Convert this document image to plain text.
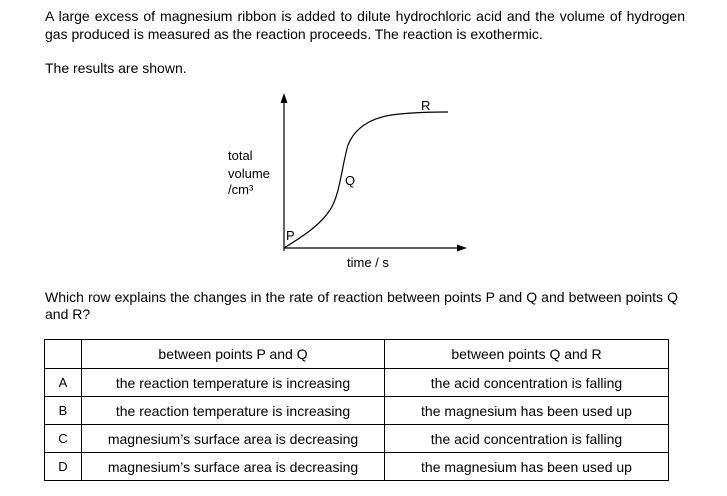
A large excess of magnesium ribbon is added to dilute hydrochloric acid and the volume of hydrogen gas produced is measured as the reaction proceeds. The reaction is exothermic.

The results are shown.

total
volume
/cm³
time / s
P
Q
R

Which row explains the changes in the rate of reaction between points P and Q and between points Q and R?

	between points P and Q	between points Q and R
A	the reaction temperature is increasing	the acid concentration is falling
B	the reaction temperature is increasing	the magnesium has been used up
C	magnesium’s surface area is decreasing	the acid concentration is falling
D	magnesium’s surface area is decreasing	the magnesium has been used up
